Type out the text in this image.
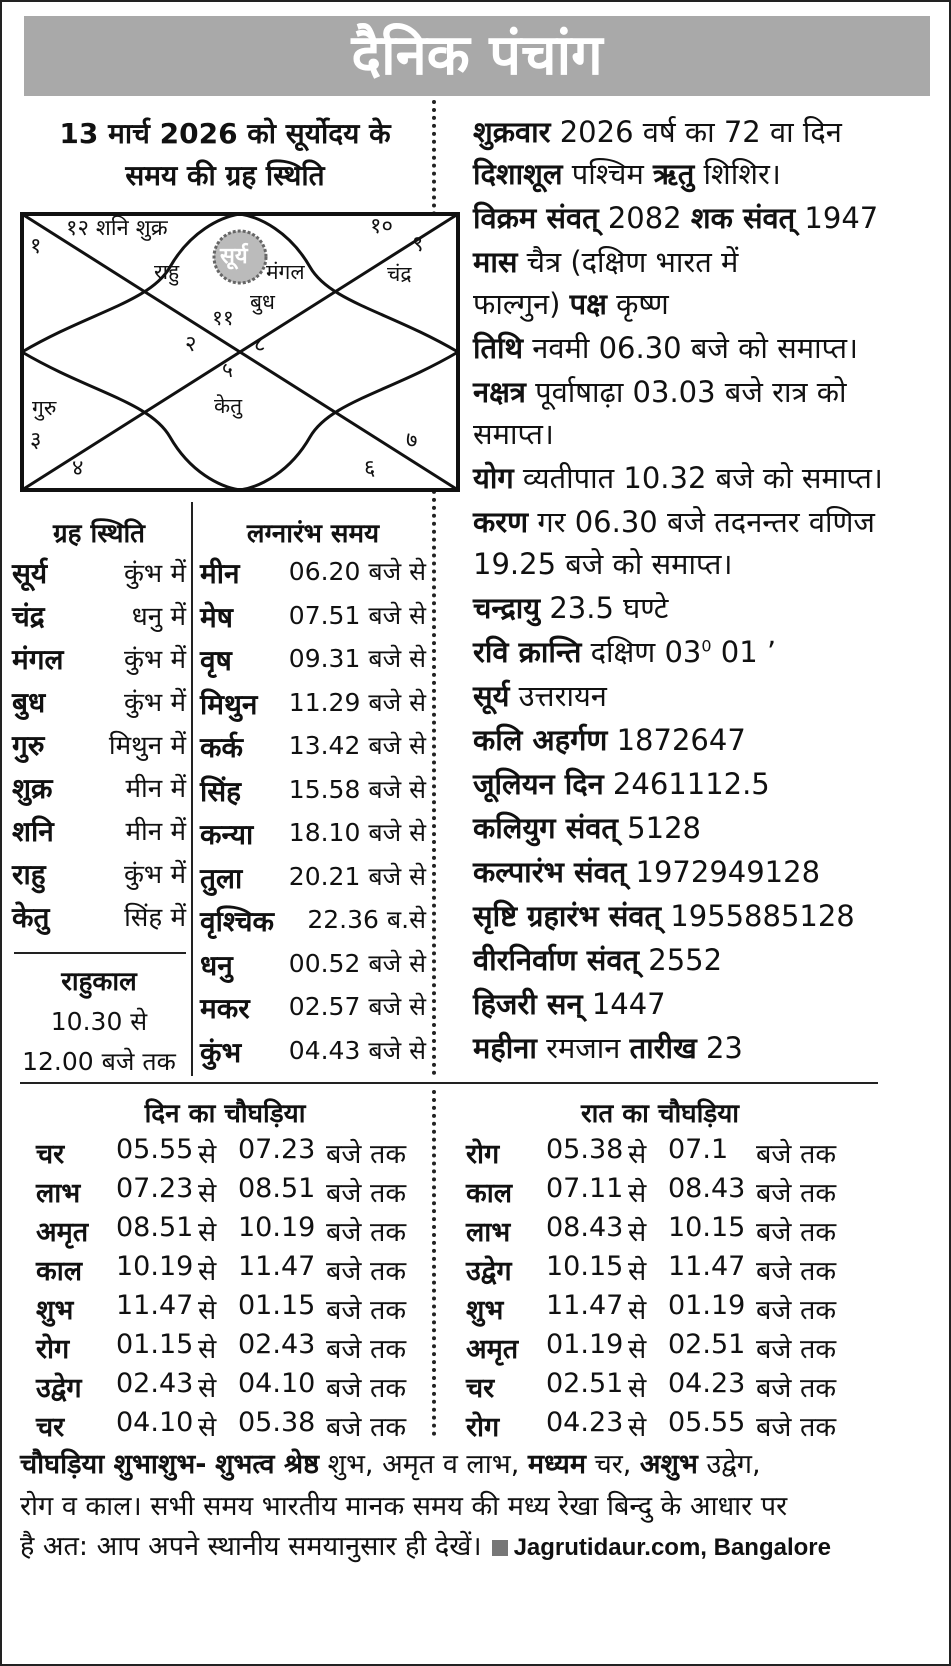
दैनिक पंचांग
13 मार्च 2026 को सूर्योदय के
समय की ग्रह स्थिति
१२ शनि शुक्र	१०
९
१
राहु
सूर्य
मंगल	चंद्र
बुध
११
२	८
५
गुरु	केतु
३
४	६
७
ग्रह स्थिति
सूर्य	कुंभ में
चंद्र	धनु में
मंगल	कुंभ में
बुध	कुंभ में
गुरु	मिथुन में
शुक्र	मीन में
शनि	मीन में
राहु	कुंभ में
केतु	सिंह में
राहुकाल
10.30 से
12.00 बजे तक
लग्नारंभ समय
मीन	06.20 बजे से
मेष	07.51 बजे से
वृष	09.31 बजे से
मिथुन	11.29 बजे से
कर्क	13.42 बजे से
सिंह	15.58 बजे से
कन्या	18.10 बजे से
तुला	20.21 बजे से
वृश्चिक	22.36 ब.से
धनु	00.52 बजे से
मकर	02.57 बजे से
कुंभ	04.43 बजे से
शुक्रवार 2026 वर्ष का 72 वा दिन
दिशाशूल पश्चिम ऋतु शिशिर।
विक्रम संवत् 2082 शक संवत् 1947
मास चैत्र (दक्षिण भारत में
फाल्गुन) पक्ष कृष्ण
तिथि नवमी 06.30 बजे को समाप्त।
नक्षत्र पूर्वाषाढ़ा 03.03 बजे रात्र को
समाप्त।
योग व्यतीपात 10.32 बजे को समाप्त।
करण गर 06.30 बजे तदनन्तर वणिज
19.25 बजे को समाप्त।
चन्द्रायु 23.5 घण्टे
रवि क्रान्ति दक्षिण $03^0$ 01 ’
सूर्य उत्तरायन
कलि अहर्गण 1872647
जूलियन दिन 2461112.5
कलियुग संवत् 5128
कल्पारंभ संवत् 1972949128
सृष्टि ग्रहारंभ संवत् 1955885128
वीरनिर्वाण संवत् 2552
हिजरी सन् 1447
महीना रमजान तारीख 23
दिन का चौघड़िया	रात का चौघड़िया
चर 05.55 से 07.23 बजे तक
लाभ 07.23 से 08.51 बजे तक
अमृत 08.51 से 10.19 बजे तक
काल 10.19 से 11.47 बजे तक
शुभ 11.47 से 01.15 बजे तक
रोग 01.15 से 02.43 बजे तक
उद्वेग 02.43 से 04.10 बजे तक
चर 04.10 से 05.38 बजे तक
रोग 05.38 से 07.1 बजे तक
काल 07.11 से 08.43 बजे तक
लाभ 08.43 से 10.15 बजे तक
उद्वेग 10.15 से 11.47 बजे तक
शुभ 11.47 से 01.19 बजे तक
अमृत 01.19 से 02.51 बजे तक
चर 02.51 से 04.23 बजे तक
रोग 04.23 से 05.55 बजे तक
चौघड़िया शुभाशुभ- शुभत्व श्रेष्ठ शुभ, अमृत व लाभ, मध्यम चर, अशुभ उद्वेग,
रोग व काल। सभी समय भारतीय मानक समय की मध्य रेखा बिन्दु के आधार पर
है अत: आप अपने स्थानीय समयानुसार ही देखें। Jagrutidaur.com, Bangalore
